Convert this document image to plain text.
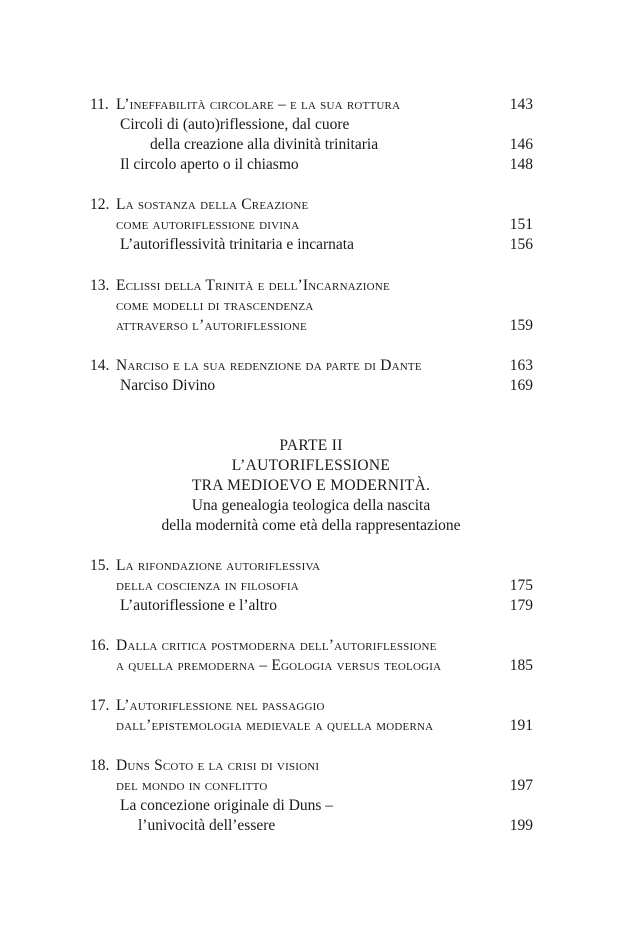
11. L’ineffabilità circolare – e la sua rottura	143
Circoli di (auto)riflessione, dal cuore
della creazione alla divinità trinitaria	146
Il circolo aperto o il chiasmo	148
12. La sostanza della Creazione
come autoriflessione divina	151
L’autoriflessività trinitaria e incarnata	156
13. Eclissi della Trinità e dell’Incarnazione
come modelli di trascendenza
attraverso l’autoriflessione	159
14. Narciso e la sua redenzione da parte di Dante	163
Narciso Divino	169
PARTE II
L’AUTORIFLESSIONE
TRA MEDIOEVO E MODERNITÀ.
Una genealogia teologica della nascita
della modernità come età della rappresentazione
15. La rifondazione autoriflessiva
della coscienza in filosofia	175
L’autoriflessione e l’altro	179
16. Dalla critica postmoderna dell’autoriflessione
a quella premoderna – Egologia versus teologia	185
17. L’autoriflessione nel passaggio
dall’epistemologia medievale a quella moderna	191
18. Duns Scoto e la crisi di visioni
del mondo in conflitto	197
La concezione originale di Duns –
l’univocità dell’essere	199
